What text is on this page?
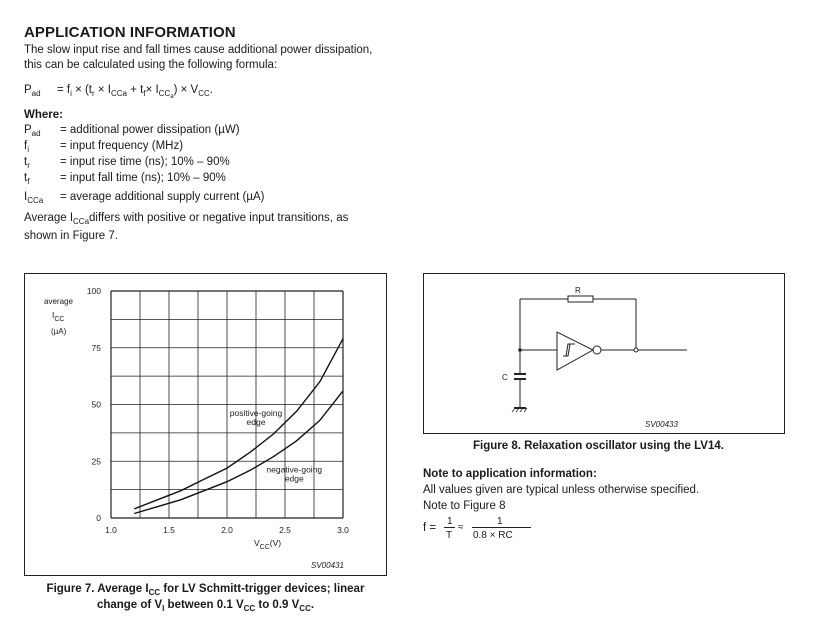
APPLICATION INFORMATION
The slow input rise and fall times cause additional power dissipation,
this can be calculated using the following formula:
$P_{ad} = f_i \times (t_r \times I_{CCa} + t_f\times I_{CCa}) \times V_{CC}$.
Where:
$P_{ad}$ = additional power dissipation (µW)
$f_i$	= input frequency (MHz)
$t_r$	= input rise time (ns); 10% – 90%
$t_f$	= input fall time (ns); 10% – 90%
$I_{CCa}$ = average additional supply current (µA)
Average $I_{CCa}differs$ with positive or negative input transitions, as
shown in Figure 7.
1.0	1.5	2.0	2.5	3.0
0
25
50
75
100
positive-going
edge
negative-going
edge
average
$I_{CC}$
(µA)
$V_{CC}(V)$
SV00431
Figure 7. Average $I_{CC}$ for LV Schmitt-trigger devices; linear
change of $V_I$ between 0.1 $V_{CC}$ to 0.9 $V_{CC}$.
R
C
SV00433
Figure 8. Relaxation oscillator using the LV14.
Note to application information:
All values given are typical unless otherwise specified.
Note to Figure 8
f =
1
T
≈
1
0.8 × RC
